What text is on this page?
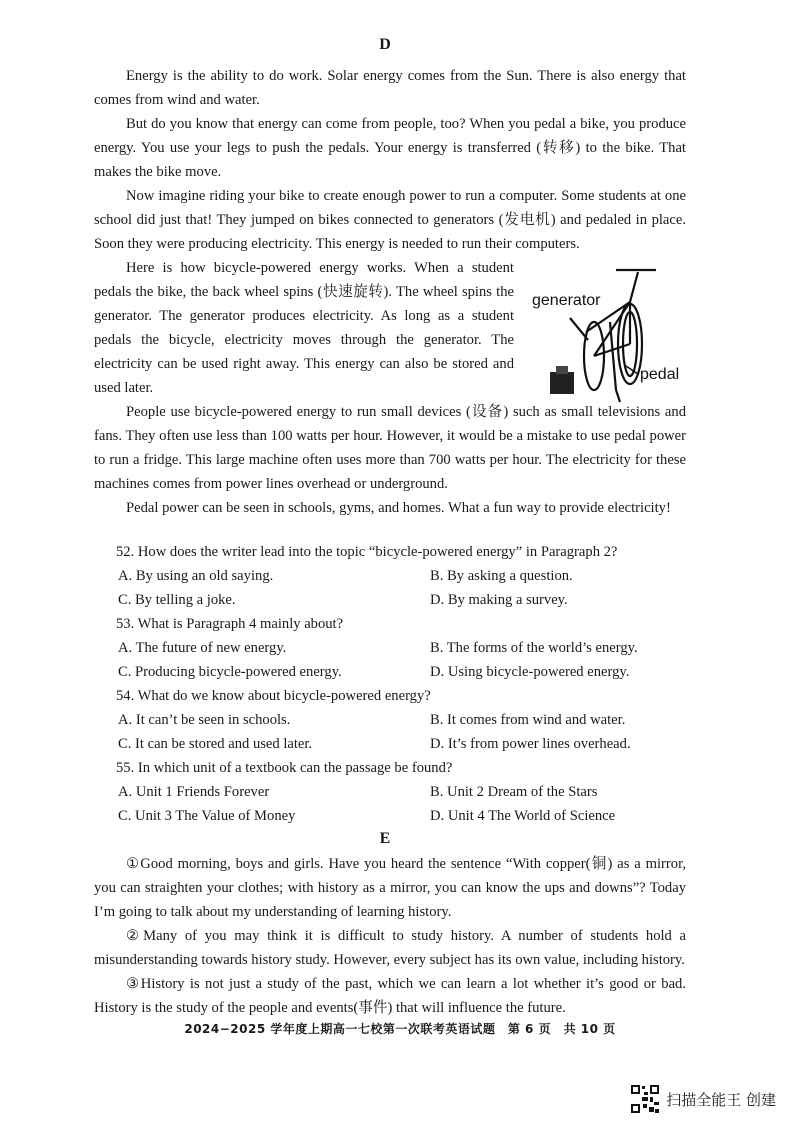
D

Energy is the ability to do work. Solar energy comes from the Sun. There is also energy that comes from wind and water.

But do you know that energy can come from people, too? When you pedal a bike, you produce energy. You use your legs to push the pedals. Your energy is transferred (转移) to the bike. That makes the bike move.

Now imagine riding your bike to create enough power to run a computer. Some students at one school did just that! They jumped on bikes connected to generators (发电机) and pedaled in place. Soon they were producing electricity. This energy is needed to run their computers.

Here is how bicycle-powered energy works. When a student pedals the bike, the back wheel spins (快速旋转). The wheel spins the generator. The generator produces electricity. As long as a student pedals the bicycle, electricity moves through the generator. The electricity can be used right away. This energy can also be stored and used later.

People use bicycle-powered energy to run small devices (设备) such as small televisions and fans. They often use less than 100 watts per hour. However, it would be a mistake to use pedal power to run a fridge. This large machine often uses more than 700 watts per hour. The electricity for these machines comes from power lines overhead or underground.

Pedal power can be seen in schools, gyms, and homes. What a fun way to provide electricity!

generator
pedal
52. How does the writer lead into the topic “bicycle-powered energy” in Paragraph 2?
A. By using an old saying.	B. By asking a question.
C. By telling a joke.	D. By making a survey.
53. What is Paragraph 4 mainly about?
A. The future of new energy.	B. The forms of the world’s energy.
C. Producing bicycle-powered energy.	D. Using bicycle-powered energy.
54. What do we know about bicycle-powered energy?
A. It can’t be seen in schools.	B. It comes from wind and water.
C. It can be stored and used later.	D. It’s from power lines overhead.
55. In which unit of a textbook can the passage be found?
A. Unit 1 Friends Forever	B. Unit 2 Dream of the Stars
C. Unit 3 The Value of Money	D. Unit 4 The World of Science
E

①Good morning, boys and girls. Have you heard the sentence “With copper(铜) as a mirror, you can straighten your clothes; with history as a mirror, you can know the ups and downs”? Today I’m going to talk about my understanding of learning history.

②Many of you may think it is difficult to study history. A number of students hold a misunderstanding towards history study. However, every subject has its own value, including history.

③History is not just a study of the past, which we can learn a lot whether it’s good or bad. History is the study of the people and events(事件) that will influence the future.

2024−2025 学年度上期高一七校第一次联考英语试题　第 6 页　共 10 页
扫描全能王 创建
